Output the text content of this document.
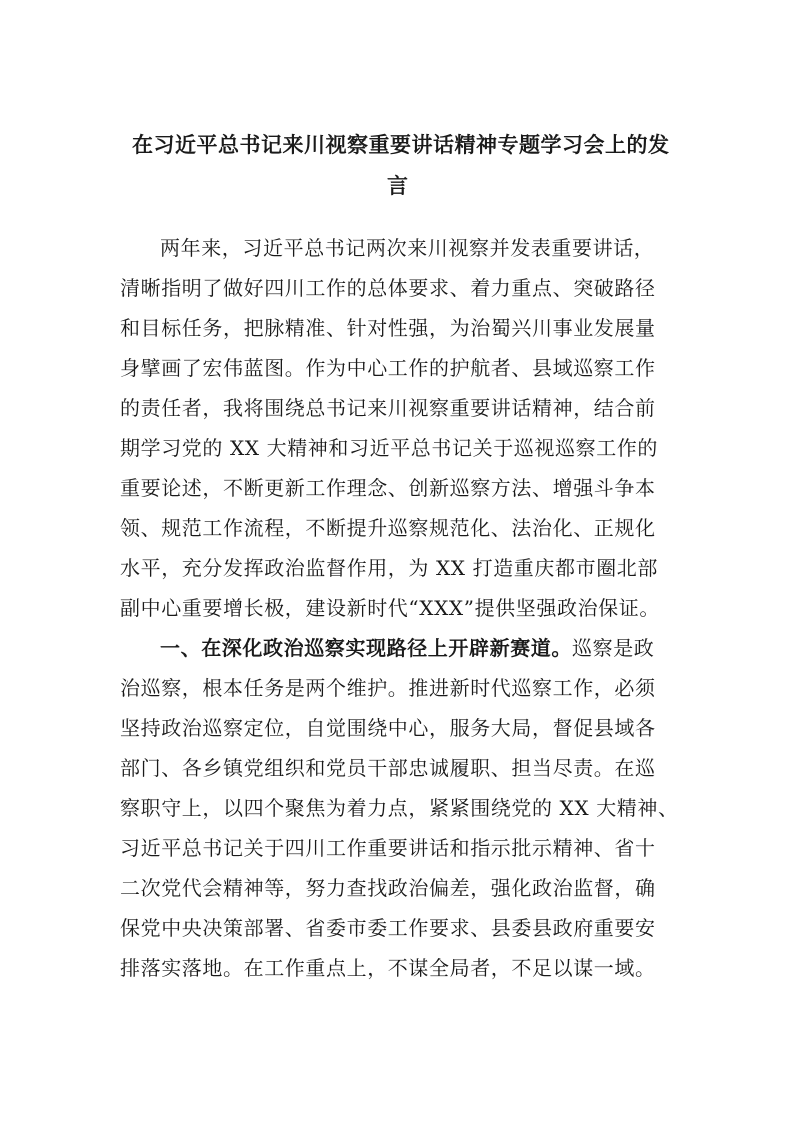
在习近平总书记来川视察重要讲话精神专题学习会上的发
言
两年来，习近平总书记两次来川视察并发表重要讲话，
清晰指明了做好四川工作的总体要求、着力重点、突破路径
和目标任务，把脉精准、针对性强，为治蜀兴川事业发展量
身擘画了宏伟蓝图。作为中心工作的护航者、县域巡察工作
的责任者，我将围绕总书记来川视察重要讲话精神，结合前
期学习党的 XX 大精神和习近平总书记关于巡视巡察工作的
重要论述，不断更新工作理念、创新巡察方法、增强斗争本
领、规范工作流程，不断提升巡察规范化、法治化、正规化
水平，充分发挥政治监督作用，为 XX 打造重庆都市圈北部
副中心重要增长极，建设新时代“XXX”提供坚强政治保证。
一、在深化政治巡察实现路径上开辟新赛道。巡察是政
治巡察，根本任务是两个维护。推进新时代巡察工作，必须
坚持政治巡察定位，自觉围绕中心，服务大局，督促县域各
部门、各乡镇党组织和党员干部忠诚履职、担当尽责。在巡
察职守上，以四个聚焦为着力点，紧紧围绕党的 XX 大精神、
习近平总书记关于四川工作重要讲话和指示批示精神、省十
二次党代会精神等，努力查找政治偏差，强化政治监督，确
保党中央决策部署、省委市委工作要求、县委县政府重要安
排落实落地。在工作重点上，不谋全局者，不足以谋一域。
